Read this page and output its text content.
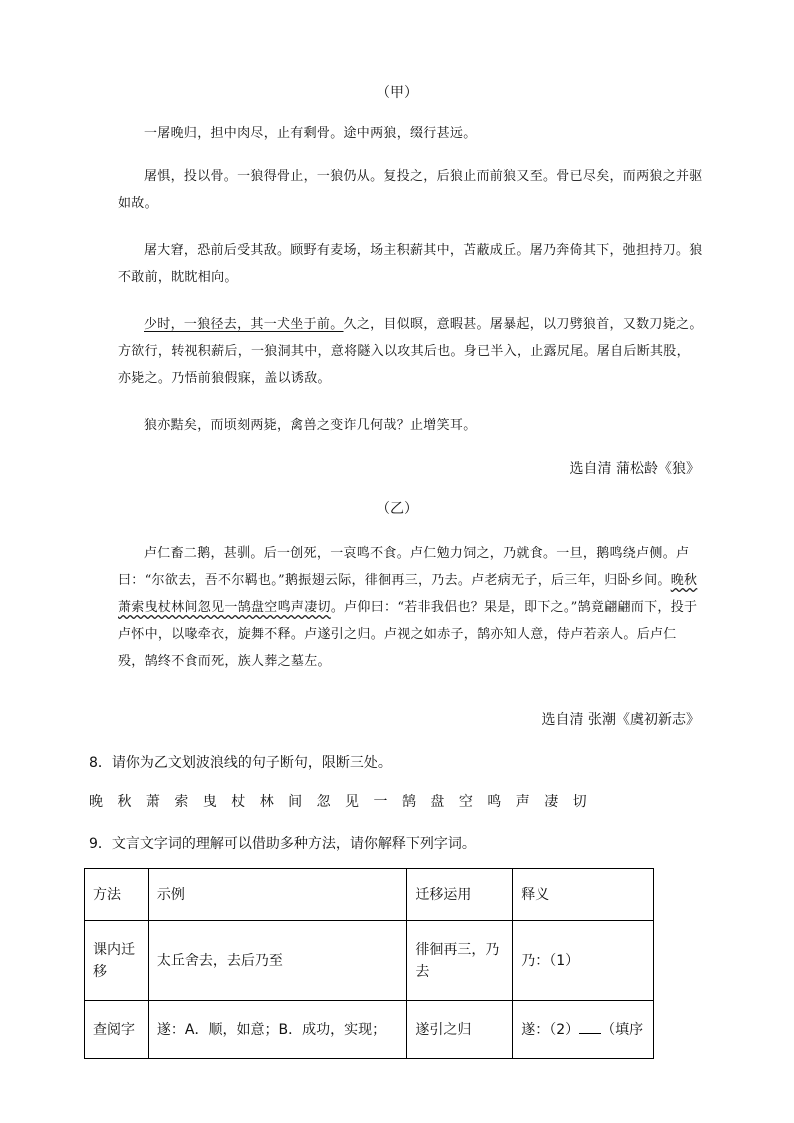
（甲）
一屠晚归，担中肉尽，止有剩骨。途中两狼，缀行甚远。
屠惧，投以骨。一狼得骨止，一狼仍从。复投之，后狼止而前狼又至。骨已尽矣，而两狼之并驱如故。
屠大窘，恐前后受其敌。顾野有麦场，场主积薪其中，苫蔽成丘。屠乃奔倚其下，弛担持刀。狼不敢前，眈眈相向。
少时，一狼径去，其一犬坐于前。久之，目似暝，意暇甚。屠暴起，以刀劈狼首，又数刀毙之。方欲行，转视积薪后，一狼洞其中，意将隧入以攻其后也。身已半入，止露尻尾。屠自后断其股，亦毙之。乃悟前狼假寐，盖以诱敌。
狼亦黠矣，而顷刻两毙，禽兽之变诈几何哉？止增笑耳。
选自清 蒲松龄《狼》
（乙）
卢仁畜二鹅，甚驯。后一创死，一哀鸣不食。卢仁勉力饲之，乃就食。一旦，鹅鸣绕卢侧。卢曰：“尔欲去，吾不尔羁也。”鹅振翅云际，徘徊再三，乃去。卢老病无子，后三年，归卧乡间。晚秋萧索曳杖林间忽见一鹄盘空鸣声凄切。卢仰曰：“若非我侣也？果是，即下之。”鹄竟翩翩而下，投于卢怀中，以喙牵衣，旋舞不释。卢遂引之归。卢视之如赤子，鹄亦知人意，侍卢若亲人。后卢仁殁，鹄终不食而死，族人葬之墓左。
选自清 张潮《虞初新志》
8．请你为乙文划波浪线的句子断句，限断三处。
晚 秋 萧 索 曳 杖 林 间 忽 见 一 鹄 盘 空 鸣 声 凄 切
9．文言文字词的理解可以借助多种方法，请你解释下列字词。
方法	示例	迁移运用	释义
课内迁移	太丘舍去，去后乃至	徘徊再三，乃去	乃：（1）
查阅字	遂：A．顺，如意；B．成功，实现；	遂引之归	遂：（2） （填序
